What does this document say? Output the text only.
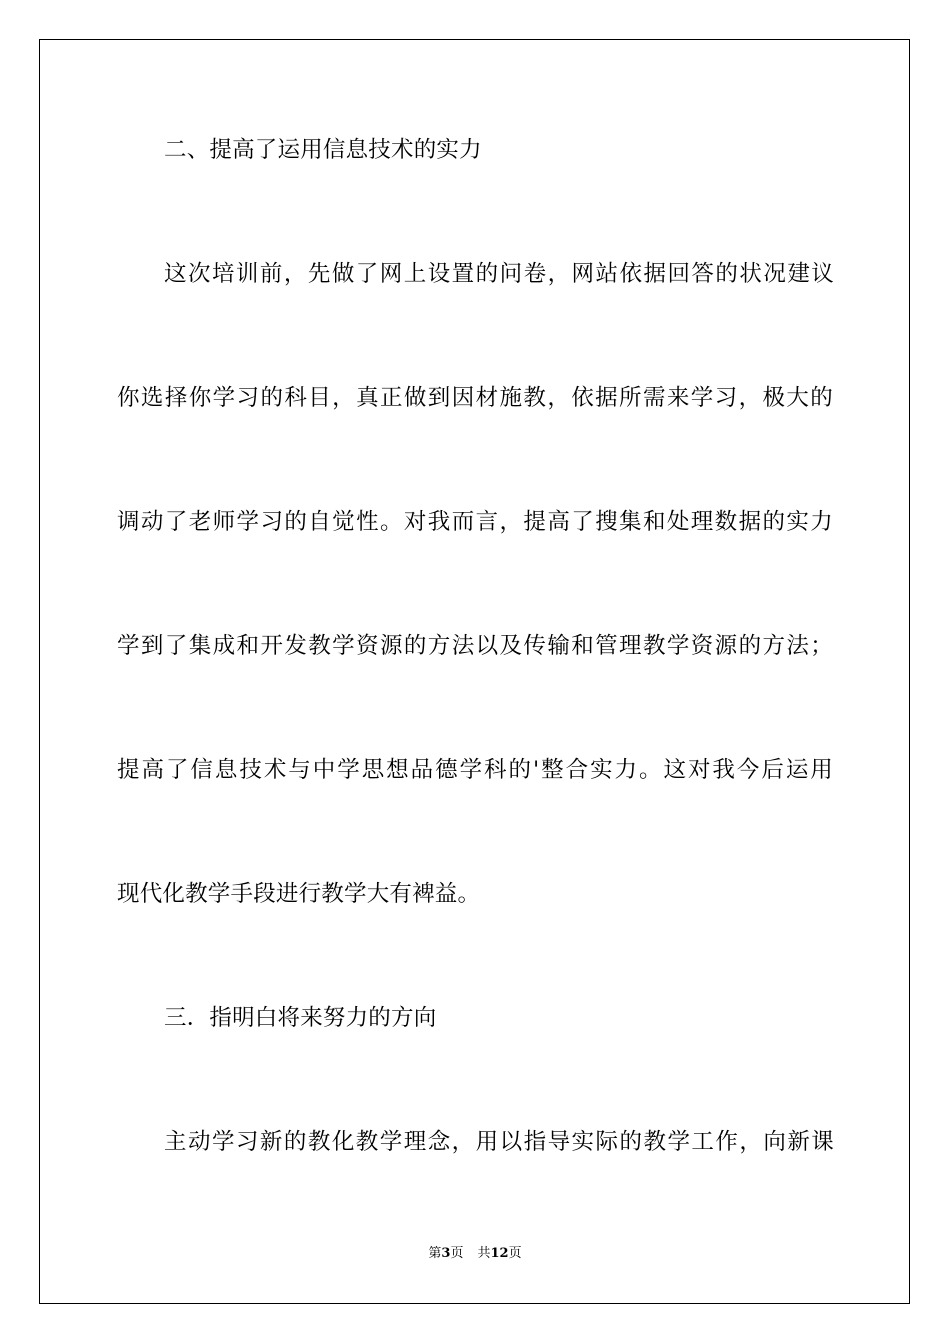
二、提高了运用信息技术的实力
这次培训前，先做了网上设置的问卷，网站依据回答的状况建议
你选择你学习的科目，真正做到因材施教，依据所需来学习，极大的
调动了老师学习的自觉性。对我而言，提高了搜集和处理数据的实力
学到了集成和开发教学资源的方法以及传输和管理教学资源的方法；
提高了信息技术与中学思想品德学科的'整合实力。这对我今后运用
现代化教学手段进行教学大有裨益。
三．指明白将来努力的方向
主动学习新的教化教学理念，用以指导实际的教学工作，向新课
第3页 共12页
